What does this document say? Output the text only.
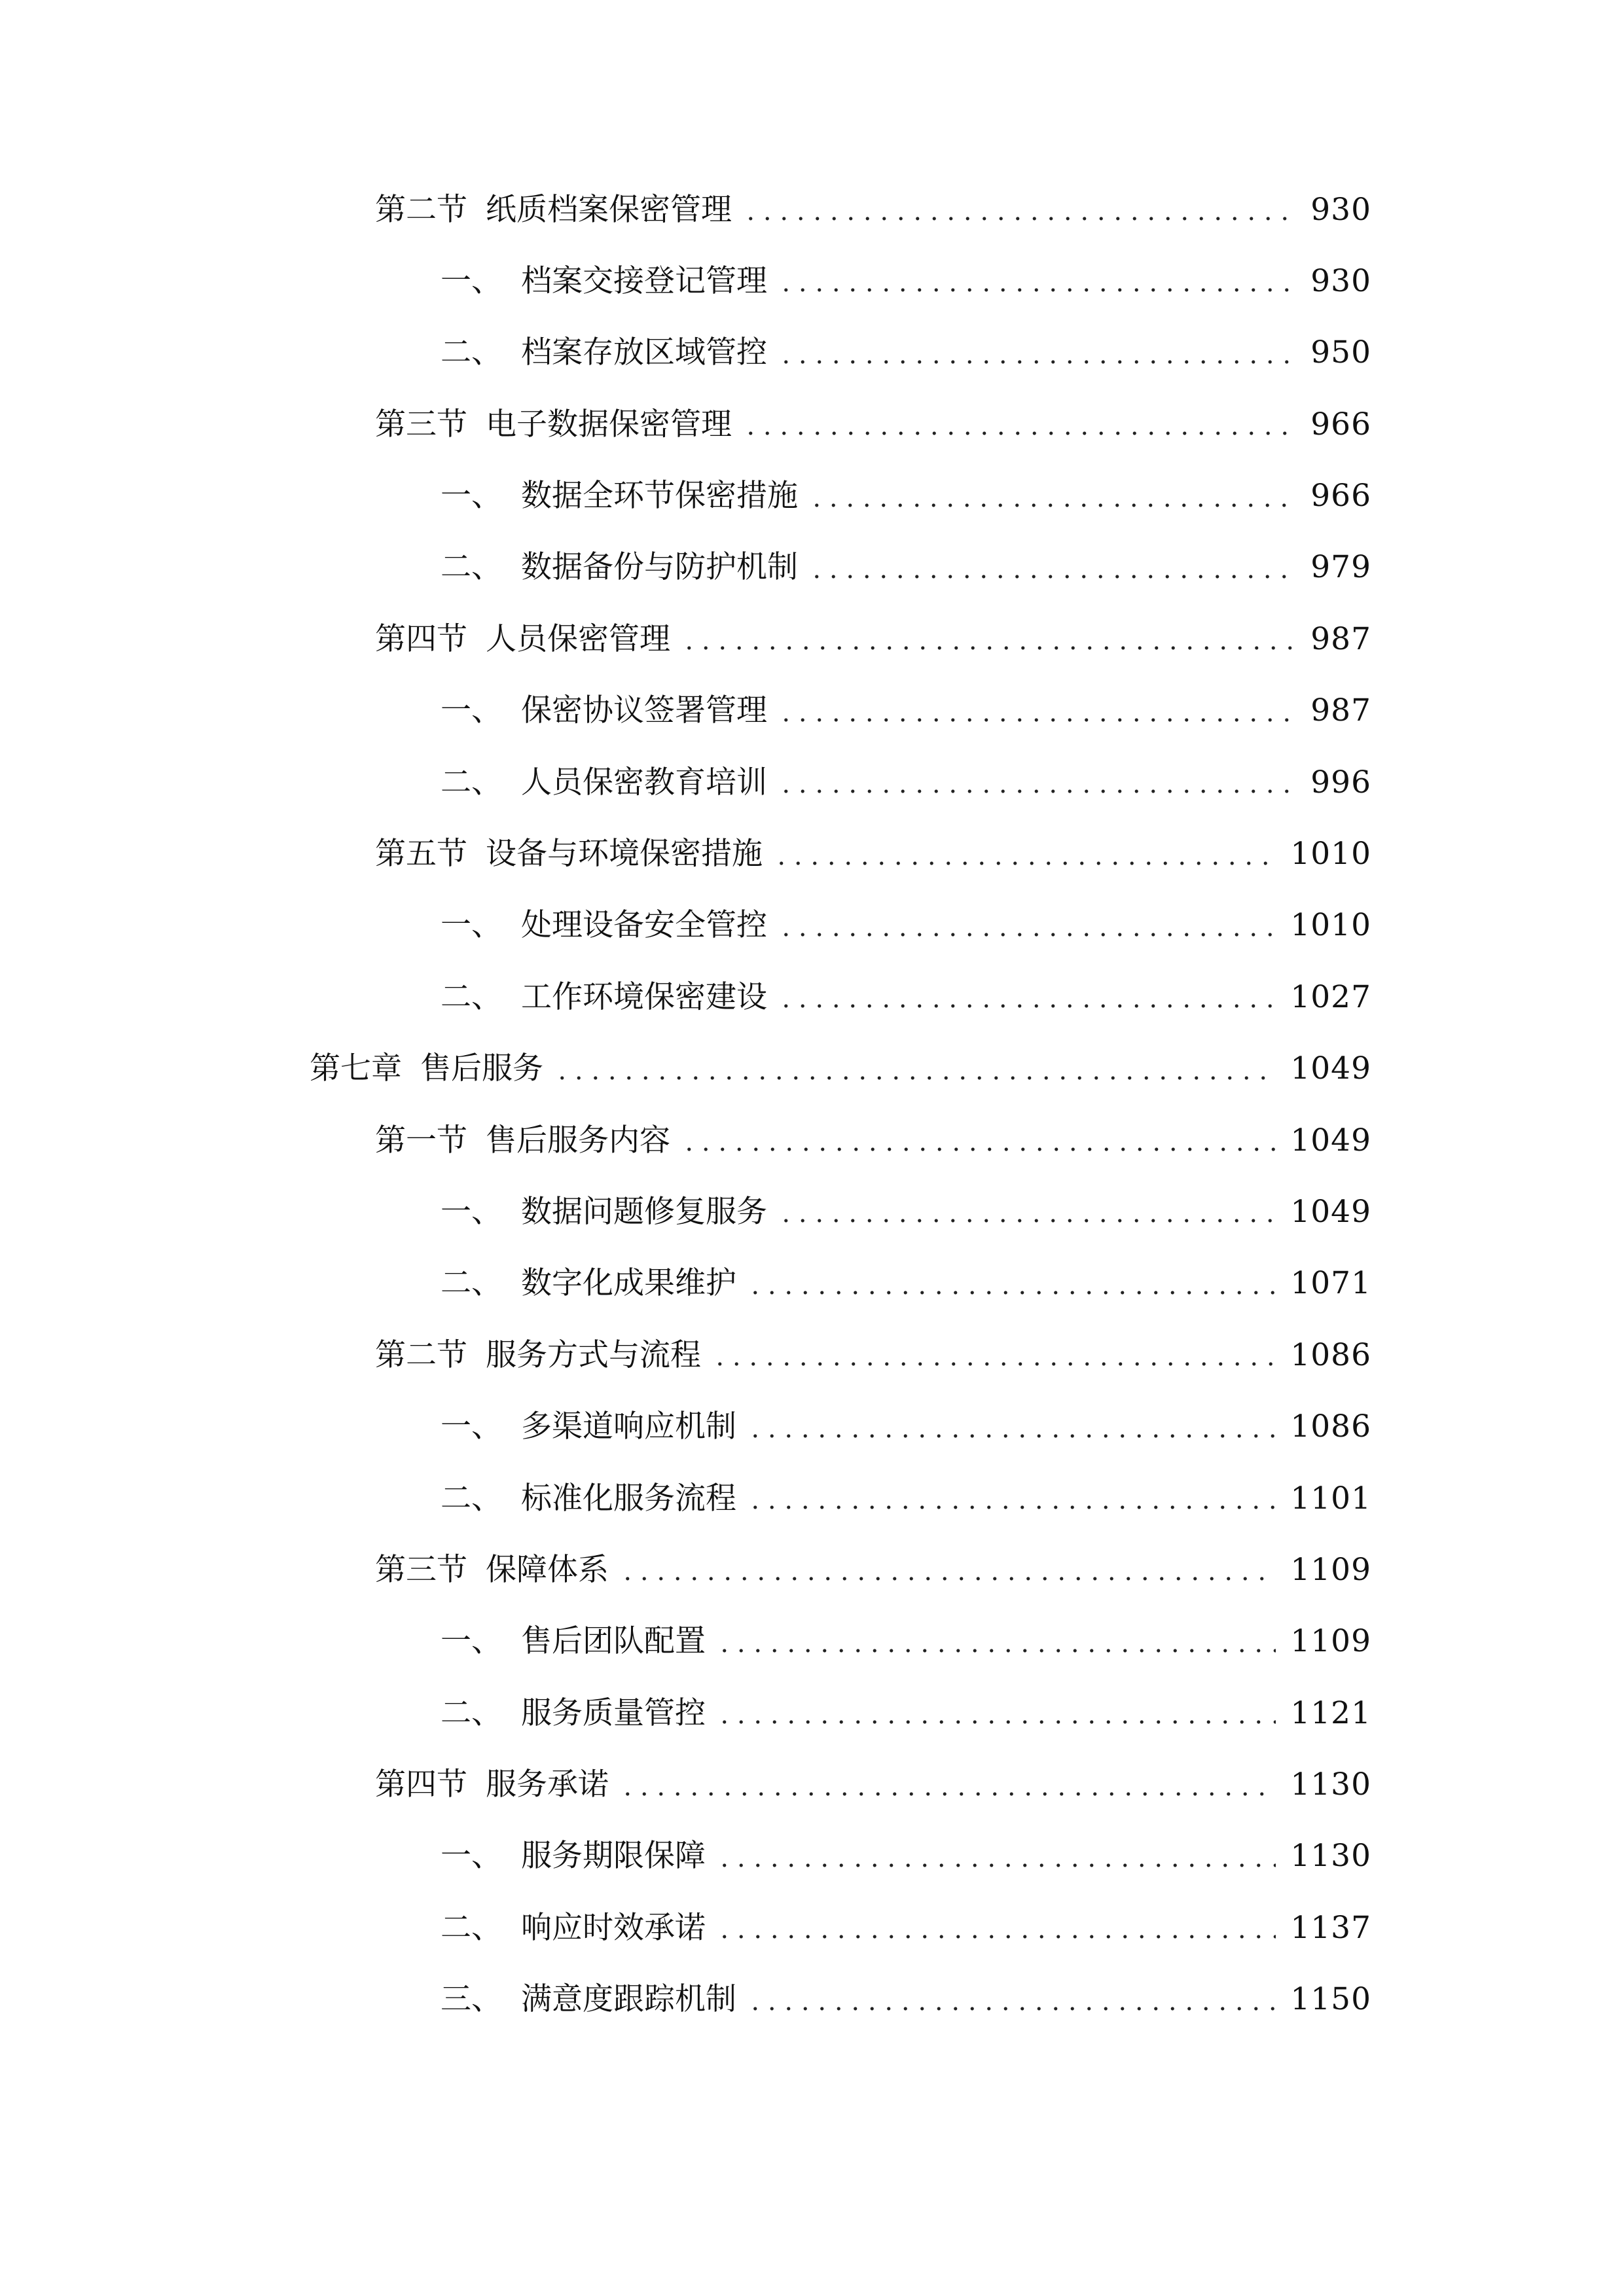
第二节 纸质档案保密管理	930
一、 档案交接登记管理	930
二、 档案存放区域管控	950
第三节 电子数据保密管理	966
一、 数据全环节保密措施	966
二、 数据备份与防护机制	979
第四节 人员保密管理	987
一、 保密协议签署管理	987
二、 人员保密教育培训	996
第五节 设备与环境保密措施	1010
一、 处理设备安全管控	1010
二、 工作环境保密建设	1027
第七章 售后服务	1049
第一节 售后服务内容	1049
一、 数据问题修复服务	1049
二、 数字化成果维护	1071
第二节 服务方式与流程	1086
一、 多渠道响应机制	1086
二、 标准化服务流程	1101
第三节 保障体系	1109
一、 售后团队配置	1109
二、 服务质量管控	1121
第四节 服务承诺	1130
一、 服务期限保障	1130
二、 响应时效承诺	1137
三、 满意度跟踪机制	1150
